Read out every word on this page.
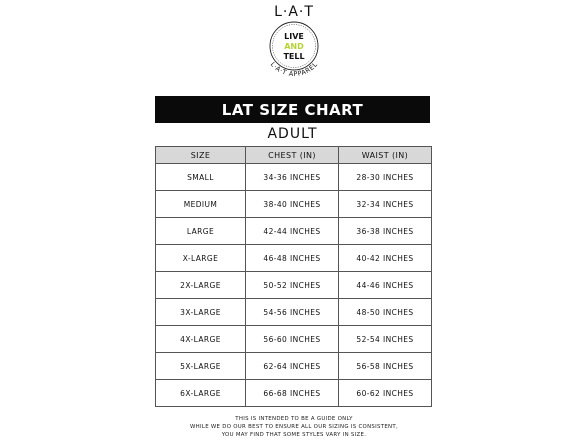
L·A·T
LIVE
AND
TELL
L·A·T APPAREL
LAT SIZE CHART
ADULT
SIZE	CHEST (IN)	WAIST (IN)
SMALL	34-36 INCHES	28-30 INCHES
MEDIUM	38-40 INCHES	32-34 INCHES
LARGE	42-44 INCHES	36-38 INCHES
X-LARGE	46-48 INCHES	40-42 INCHES
2X-LARGE	50-52 INCHES	44-46 INCHES
3X-LARGE	54-56 INCHES	48-50 INCHES
4X-LARGE	56-60 INCHES	52-54 INCHES
5X-LARGE	62-64 INCHES	56-58 INCHES
6X-LARGE	66-68 INCHES	60-62 INCHES
THIS IS INTENDED TO BE A GUIDE ONLY
WHILE WE DO OUR BEST TO ENSURE ALL OUR SIZING IS CONSISTENT,
YOU MAY FIND THAT SOME STYLES VARY IN SIZE.
